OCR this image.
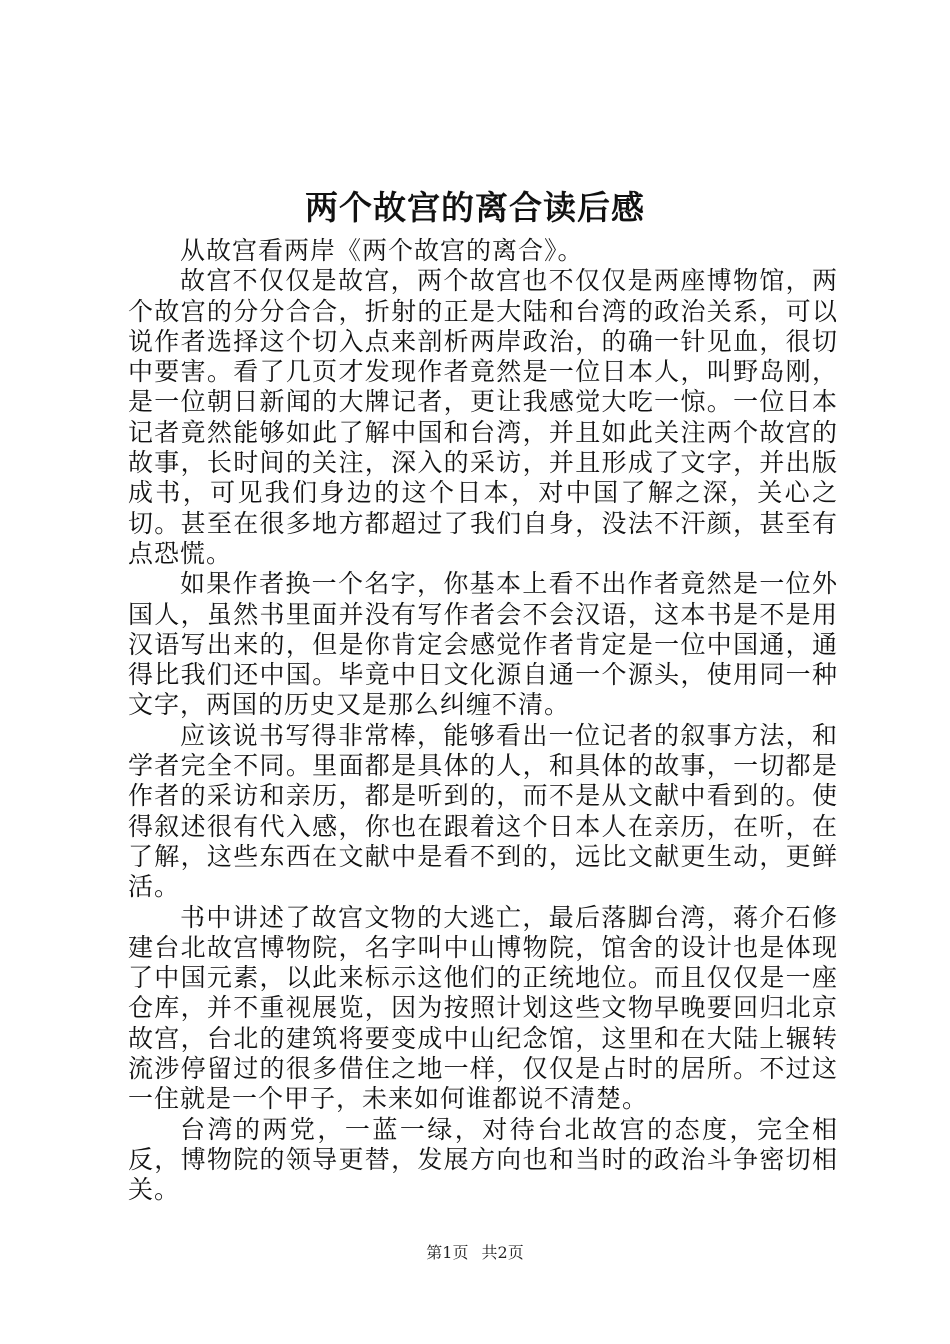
两个故宫的离合读后感

从故宫看两岸《两个故宫的离合》。

故宫不仅仅是故宫，两个故宫也不仅仅是两座博物馆，两个故宫的分分合合，折射的正是大陆和台湾的政治关系，可以说作者选择这个切入点来剖析两岸政治，的确一针见血，很切中要害。看了几页才发现作者竟然是一位日本人，叫野岛刚，是一位朝日新闻的大牌记者，更让我感觉大吃一惊。一位日本记者竟然能够如此了解中国和台湾，并且如此关注两个故宫的故事，长时间的关注，深入的采访，并且形成了文字，并出版成书，可见我们身边的这个日本，对中国了解之深，关心之切。甚至在很多地方都超过了我们自身，没法不汗颜，甚至有点恐慌。

如果作者换一个名字，你基本上看不出作者竟然是一位外国人，虽然书里面并没有写作者会不会汉语，这本书是不是用汉语写出来的，但是你肯定会感觉作者肯定是一位中国通，通得比我们还中国。毕竟中日文化源自通一个源头，使用同一种文字，两国的历史又是那么纠缠不清。

应该说书写得非常棒，能够看出一位记者的叙事方法，和学者完全不同。里面都是具体的人，和具体的故事，一切都是作者的采访和亲历，都是听到的，而不是从文献中看到的。使得叙述很有代入感，你也在跟着这个日本人在亲历，在听，在了解，这些东西在文献中是看不到的，远比文献更生动，更鲜活。

书中讲述了故宫文物的大逃亡，最后落脚台湾，蒋介石修建台北故宫博物院，名字叫中山博物院，馆舍的设计也是体现了中国元素，以此来标示这他们的正统地位。而且仅仅是一座仓库，并不重视展览，因为按照计划这些文物早晚要回归北京故宫，台北的建筑将要变成中山纪念馆，这里和在大陆上辗转流涉停留过的很多借住之地一样，仅仅是占时的居所。不过这一住就是一个甲子，未来如何谁都说不清楚。

台湾的两党，一蓝一绿，对待台北故宫的态度，完全相反，博物院的领导更替，发展方向也和当时的政治斗争密切相关。

第1页 共2页
